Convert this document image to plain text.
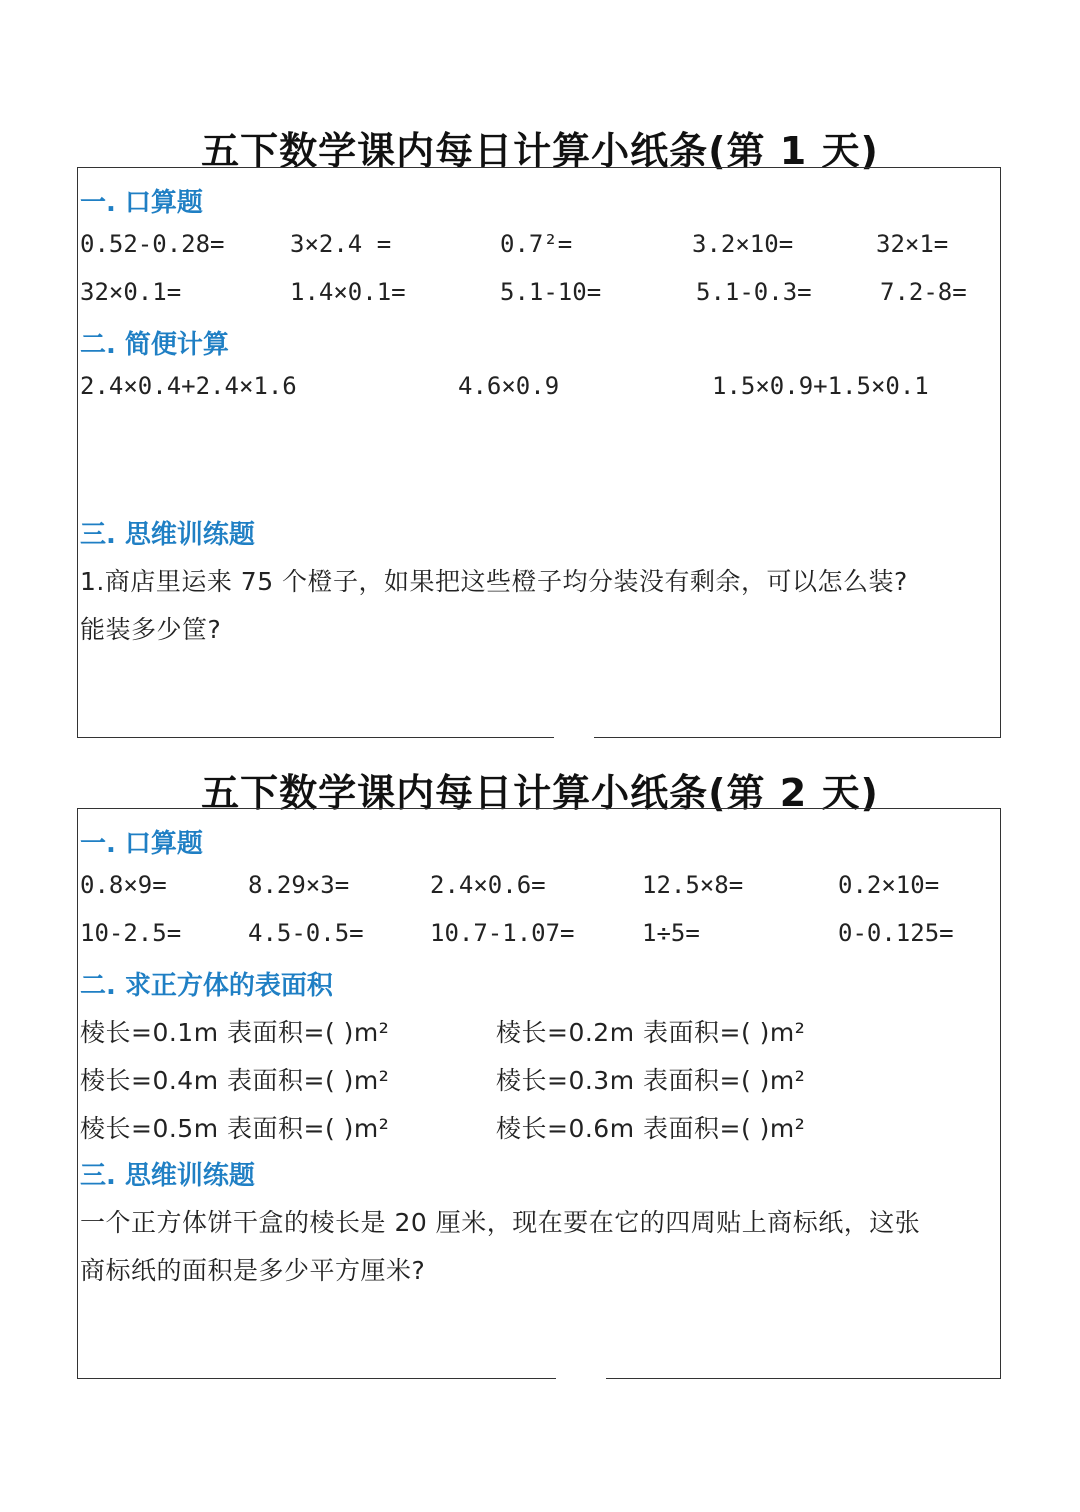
五下数学课内每日计算小纸条(第 1 天)
一. 口算题
0.52-0.28=	3×2.4 =	0.7²=	3.2×10=	32×1=
32×0.1=	1.4×0.1=	5.1-10=	5.1-0.3=	7.2-8=
二. 简便计算
2.4×0.4+2.4×1.6	4.6×0.9	1.5×0.9+1.5×0.1
三. 思维训练题
1.商店里运来 75 个橙子，如果把这些橙子均分装没有剩余，可以怎么装?
能装多少筐?
五下数学课内每日计算小纸条(第 2 天)
一. 口算题
0.8×9=	8.29×3=	2.4×0.6=	12.5×8=	0.2×10=
10-2.5=	4.5-0.5=	10.7-1.07=	1÷5=	0-0.125=
二. 求正方体的表面积
棱长=0.1m 表面积=( )m²	棱长=0.2m 表面积=( )m²
棱长=0.4m 表面积=( )m²	棱长=0.3m 表面积=( )m²
棱长=0.5m 表面积=( )m²	棱长=0.6m 表面积=( )m²
三. 思维训练题
一个正方体饼干盒的棱长是 20 厘米，现在要在它的四周贴上商标纸，这张
商标纸的面积是多少平方厘米?
